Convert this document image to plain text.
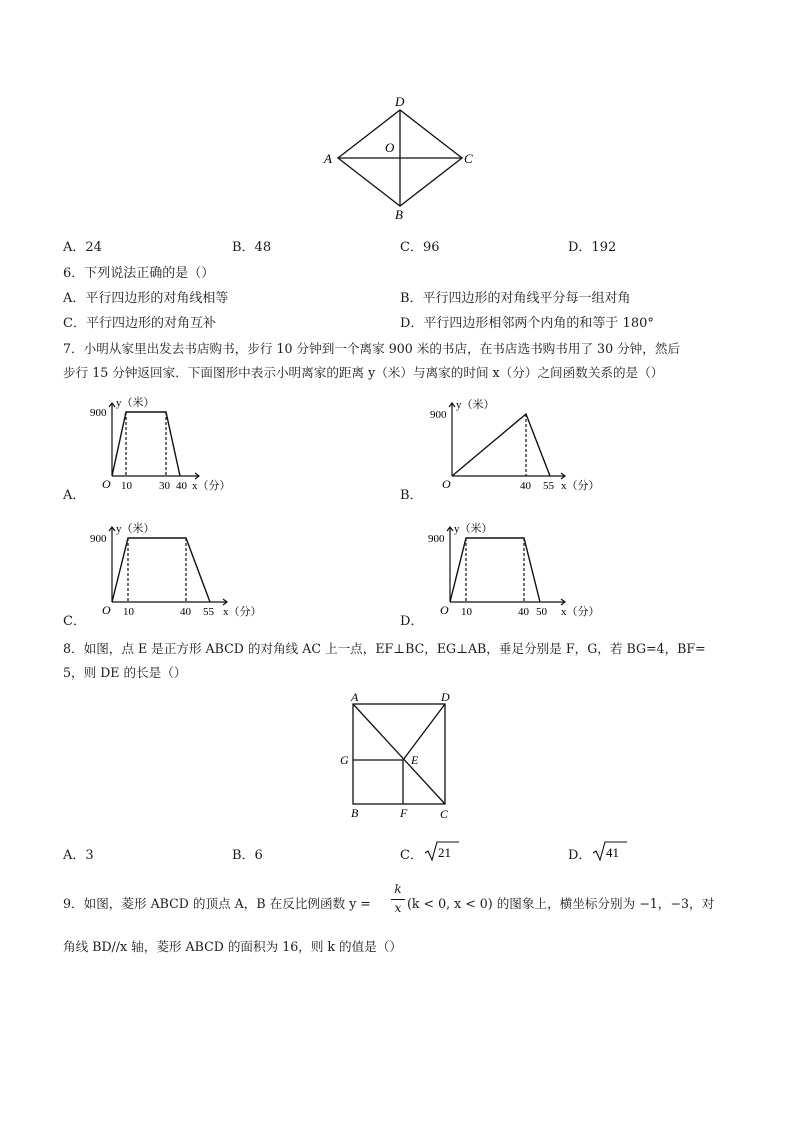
D
A	C
B
O
A．24	B．48	C．96	D．192
6．下列说法正确的是（）
A．平行四边形的对角线相等	B．平行四边形的对角线平分每一组对角
C．平行四边形的对角互补	D．平行四边形相邻两个内角的和等于 180°
7．小明从家里出发去书店购书，步行 10 分钟到一个离家 900 米的书店，在书店选书购书用了 30 分钟，然后
步行 15 分钟返回家．下面图形中表示小明离家的距离 y（米）与离家的时间 x（分）之间函数关系的是（）
A．
900
y（米）
O 10 30 40 x（分）
B．
900
y（米）
O	40 55 x（分）
C．
900
y（米）
O 10	40 55 x（分）
D．
900
y（米）
O 10	40 50 x（分）
8．如图，点 E 是正方形 ABCD 的对角线 AC 上一点，EF⊥BC，EG⊥AB，垂足分别是 F，G，若 BG=4，BF=
5，则 DE 的长是（）
A	D
G	E
B	F	C
A．3	B．6	C． 21	D． 41
9．如图，菱形 ABCD 的顶点 A，B 在反比例函数 y =
k
x (k < 0, x < 0) 的图象上，横坐标分别为 −1，−3，对
角线 BD//x 轴，菱形 ABCD 的面积为 16，则 k 的值是（）
